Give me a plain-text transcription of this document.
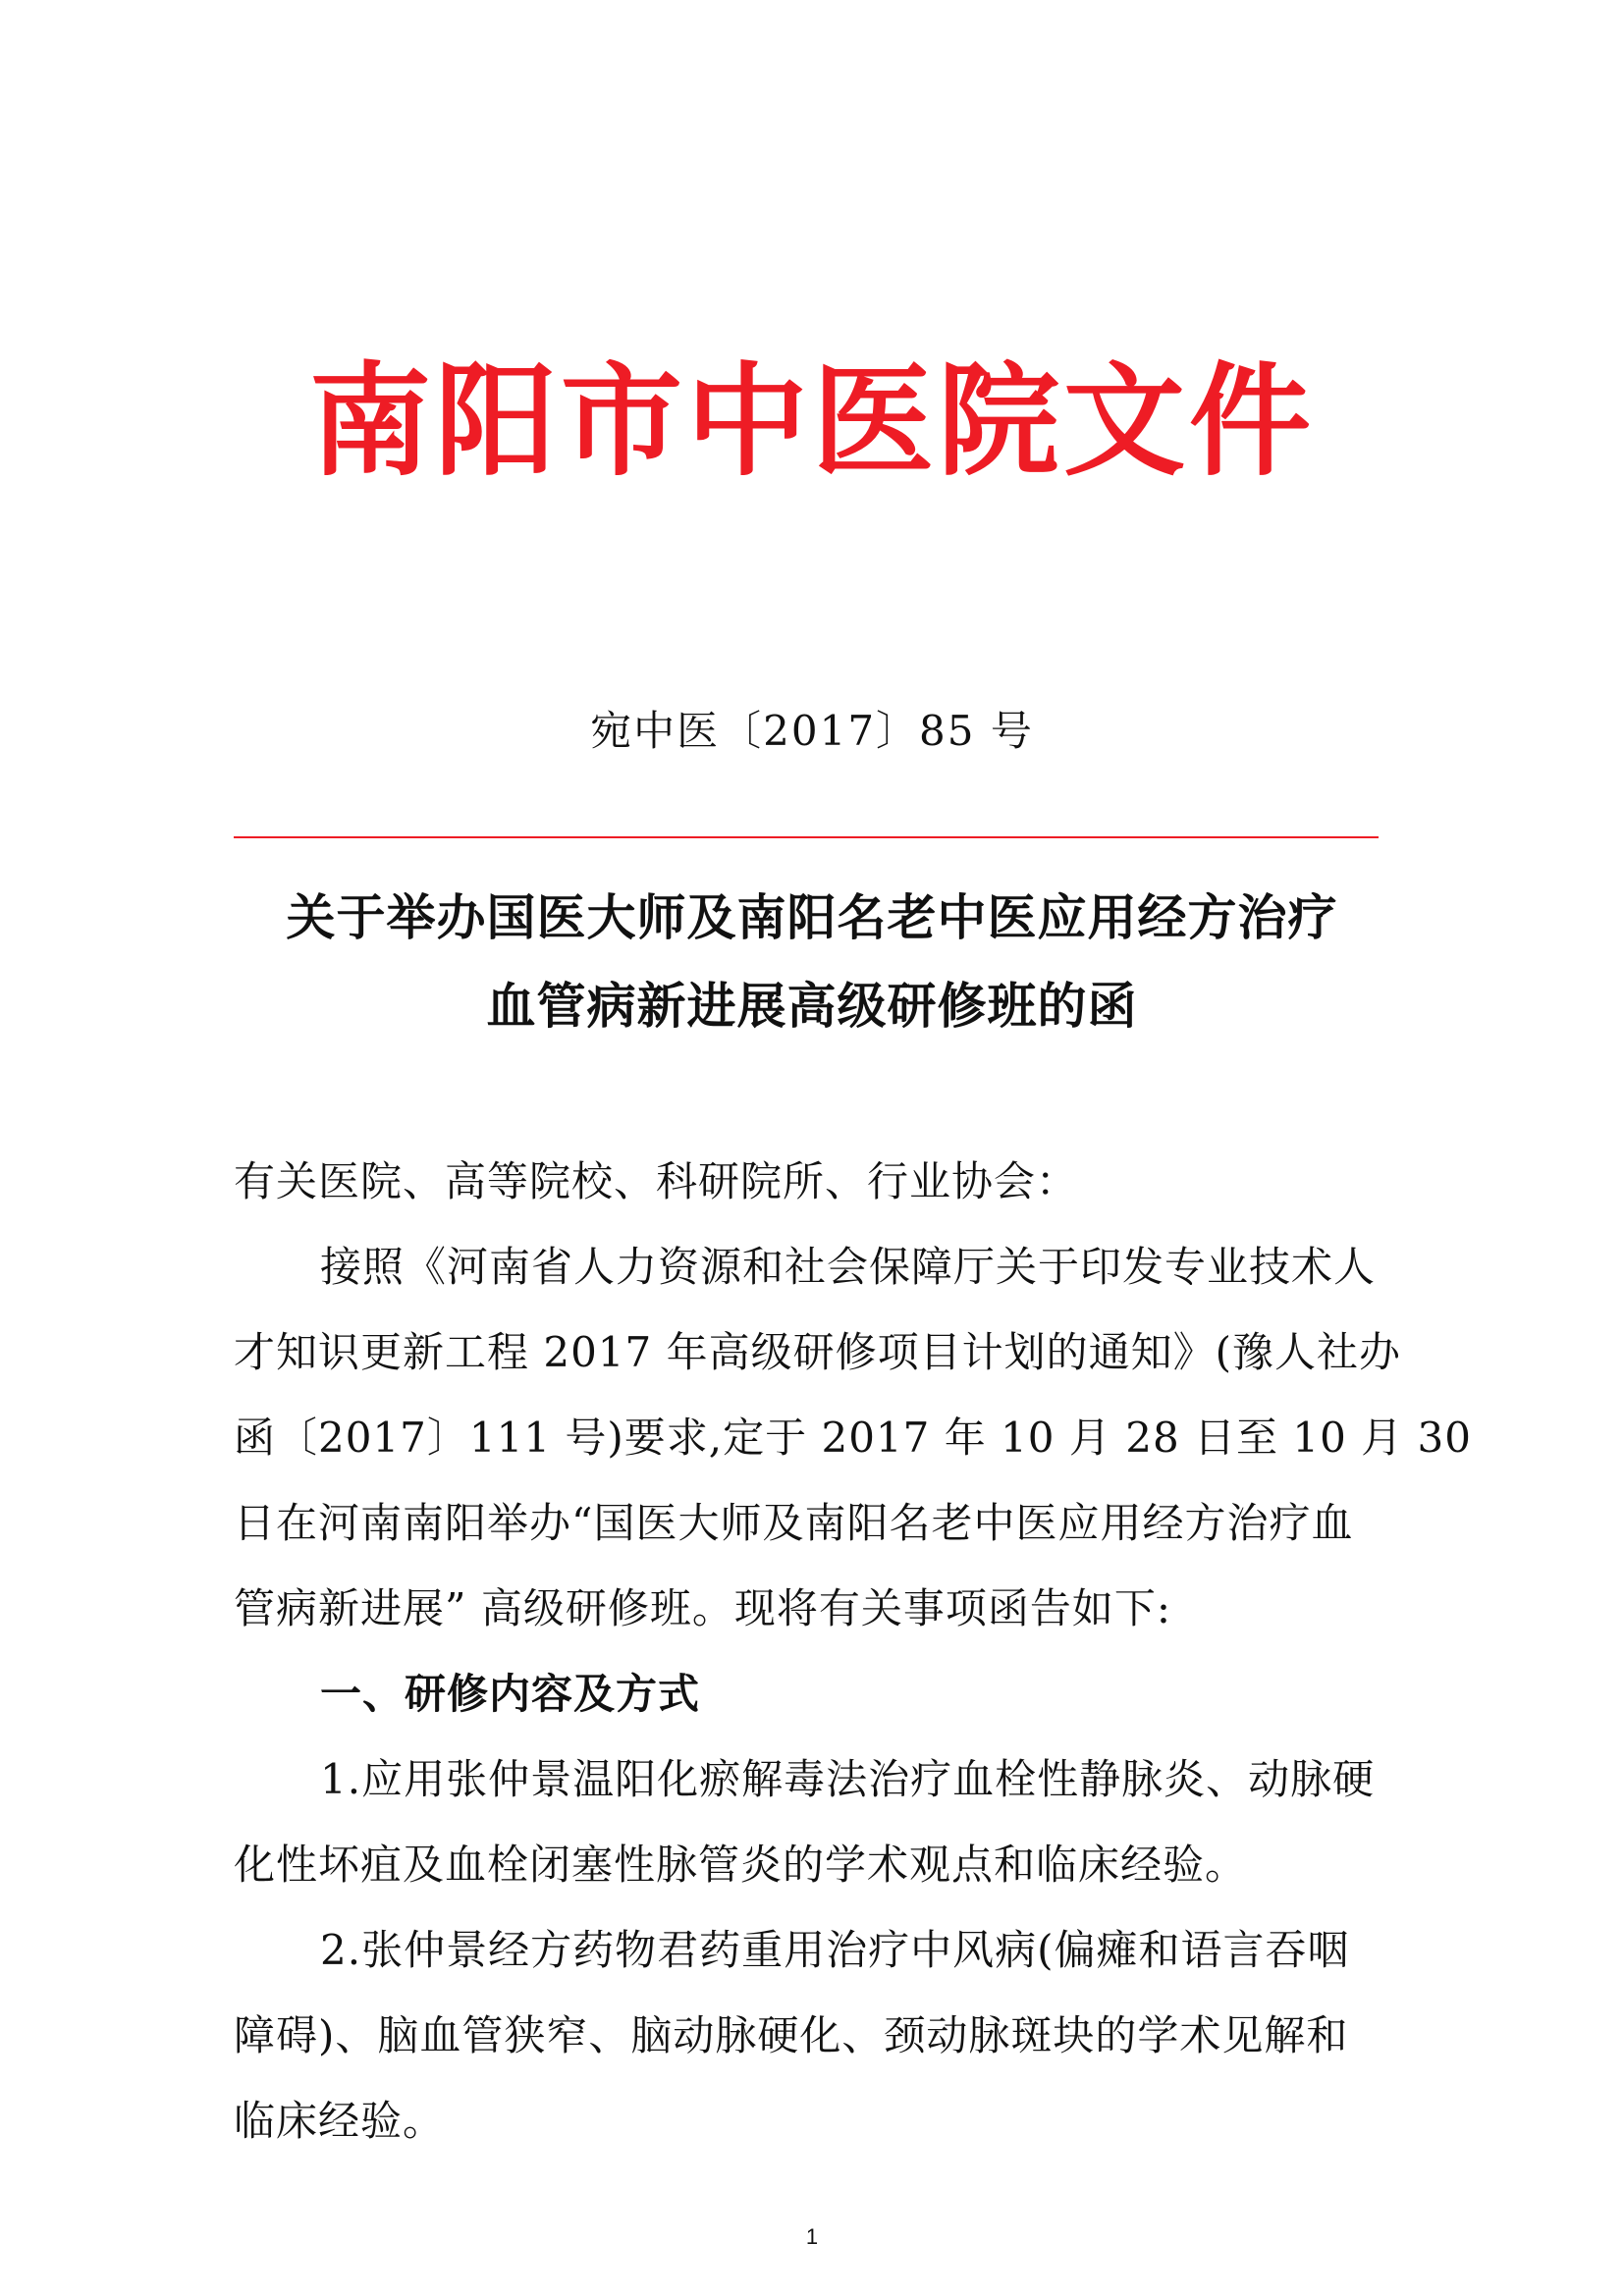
南阳市中医院文件
宛中医〔2017〕85 号
关于举办国医大师及南阳名老中医应用经方治疗
血管病新进展高级研修班的函
有关医院、高等院校、科研院所、行业协会：
接照《河南省人力资源和社会保障厅关于印发专业技术人
才知识更新工程 2017 年高级研修项目计划的通知》(豫人社办
函〔2017〕111 号)要求,定于 2017 年 10 月 28 日至 10 月 30
日在河南南阳举办“国医大师及南阳名老中医应用经方治疗血
管病新进展” 高级研修班。现将有关事项函告如下:
一、研修内容及方式
1.应用张仲景温阳化瘀解毒法治疗血栓性静脉炎、动脉硬
化性坏疽及血栓闭塞性脉管炎的学术观点和临床经验。
2.张仲景经方药物君药重用治疗中风病(偏瘫和语言吞咽
障碍)、脑血管狭窄、脑动脉硬化、颈动脉斑块的学术见解和
临床经验。
1
